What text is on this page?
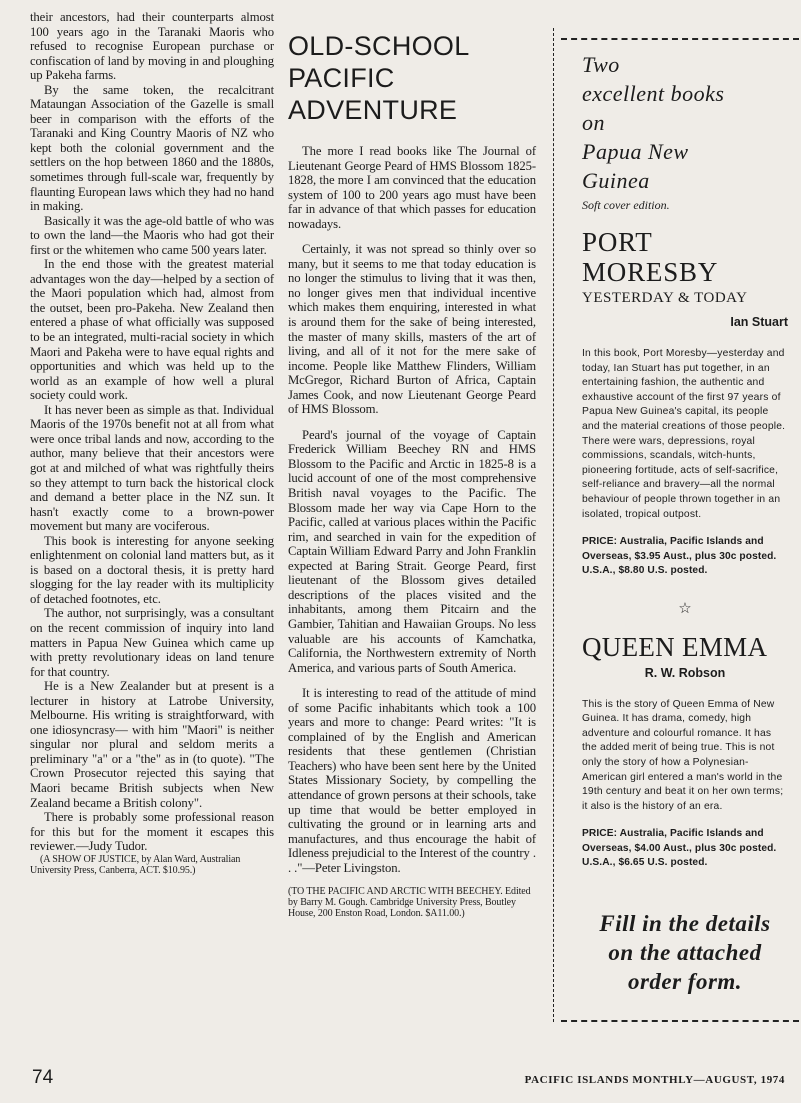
their ancestors, had their counterparts almost 100 years ago in the Taranaki Maoris who refused to recognise European purchase or confiscation of land by moving in and ploughing up Pakeha farms.

By the same token, the recalcitrant Mataungan Association of the Gazelle is small beer in comparison with the efforts of the Taranaki and King Country Maoris of NZ who kept both the colonial government and the settlers on the hop between 1860 and the 1880s, sometimes through full-scale war, frequently by flaunting European laws which they had no hand in making.

Basically it was the age-old battle of who was to own the land—the Maoris who had got their first or the whitemen who came 500 years later.

In the end those with the greatest material advantages won the day—helped by a section of the Maori population which had, almost from the outset, been pro-Pakeha. New Zealand then entered a phase of what officially was supposed to be an integrated, multi-racial society in which Maori and Pakeha were to have equal rights and opportunities and which was held up to the world as an example of how well a plural society could work.

It has never been as simple as that. Individual Maoris of the 1970s benefit not at all from what were once tribal lands and now, according to the author, many believe that their ancestors were got at and milched of what was rightfully theirs so they attempt to turn back the historical clock and demand a better place in the NZ sun. It hasn't exactly come to a brown-power movement but many are vociferous.

This book is interesting for anyone seeking enlightenment on colonial land matters but, as it is based on a doctoral thesis, it is pretty hard slogging for the lay reader with its multiplicity of detached footnotes, etc.

The author, not surprisingly, was a consultant on the recent commission of inquiry into land matters in Papua New Guinea which came up with pretty revolutionary ideas on land tenure for that country.

He is a New Zealander but at present is a lecturer in history at Latrobe University, Melbourne. His writing is straightforward, with one idiosyncrasy— with him "Maori" is neither singular nor plural and seldom merits a preliminary "a" or a "the" as in (to quote). "The Crown Prosecutor rejected this saying that Maori became British subjects when New Zealand became a British colony".

There is probably some professional reason for this but for the moment it escapes this reviewer.—Judy Tudor.

(A SHOW OF JUSTICE, by Alan Ward, Australian University Press, Canberra, ACT. $10.95.)

OLD-SCHOOL
PACIFIC ADVENTURE

The more I read books like The Journal of Lieutenant George Peard of HMS Blossom 1825-1828, the more I am convinced that the education system of 100 to 200 years ago must have been far in advance of that which passes for education nowadays.

Certainly, it was not spread so thinly over so many, but it seems to me that today education is no longer the stimulus to living that it was then, no longer gives men that individual incentive which makes them enquiring, interested in what is around them for the sake of being interested, the master of many skills, masters of the art of living, and all of it not for the mere sake of income. People like Matthew Flinders, William McGregor, Richard Burton of Africa, Captain James Cook, and now Lieutenant George Peard of HMS Blossom.

Peard's journal of the voyage of Captain Frederick William Beechey RN and HMS Blossom to the Pacific and Arctic in 1825-8 is a lucid account of one of the most comprehensive British naval voyages to the Pacific. The Blossom made her way via Cape Horn to the Pacific, called at various places within the Pacific rim, and searched in vain for the expedition of Captain William Edward Parry and John Franklin expected at Baring Strait. George Peard, first lieutenant of the Blossom gives detailed descriptions of the places visited and the inhabitants, among them Pitcairn and the Gambier, Tahitian and Hawaiian Groups. No less valuable are his accounts of Kamchatka, California, the Northwestern extremity of North America, and various parts of South America.

It is interesting to read of the attitude of mind of some Pacific inhabitants which took a 100 years and more to change: Peard writes: "It is complained of by the English and American residents that these gentlemen (Christian Teachers) who have been sent here by the United States Missionary Society, by compelling the attendance of grown persons at their schools, take up time that would be better employed in cultivating the ground or in learning arts and manufactures, and thus encourage the habit of Idleness prejudicial to the Interest of the country . . ."—Peter Livingston.

(TO THE PACIFIC AND ARCTIC WITH BEECHEY. Edited by Barry M. Gough. Cambridge University Press, Boutley House, 200 Enston Road, London. $A11.00.)

Two

excellent books

on

Papua New

Guinea

Soft cover edition.

PORT

MORESBY

YESTERDAY & TODAY

Ian Stuart

In this book, Port Moresby—yesterday and today, Ian Stuart has put together, in an entertaining fashion, the authentic and exhaustive account of the first 97 years of Papua New Guinea's capital, its people and the material creations of those people. There were wars, depressions, royal commissions, scandals, witch-hunts, pioneering fortitude, acts of self-sacrifice, self-reliance and bravery—all the normal behaviour of people thrown together in an isolated, tropical outpost.

PRICE: Australia, Pacific Islands and Overseas, $3.95 Aust., plus 30c posted. U.S.A., $8.80 U.S. posted.

☆

QUEEN EMMA

R. W. Robson

This is the story of Queen Emma of New Guinea. It has drama, comedy, high adventure and colourful romance. It has the added merit of being true. This is not only the story of how a Polynesian-American girl entered a man's world in the 19th century and beat it on her own terms; it also is the history of an era.

PRICE: Australia, Pacific Islands and Overseas, $4.00 Aust., plus 30c posted. U.S.A., $6.65 U.S. posted.

Fill in the details
on the attached
order form.
74	PACIFIC ISLANDS MONTHLY—AUGUST, 1974
